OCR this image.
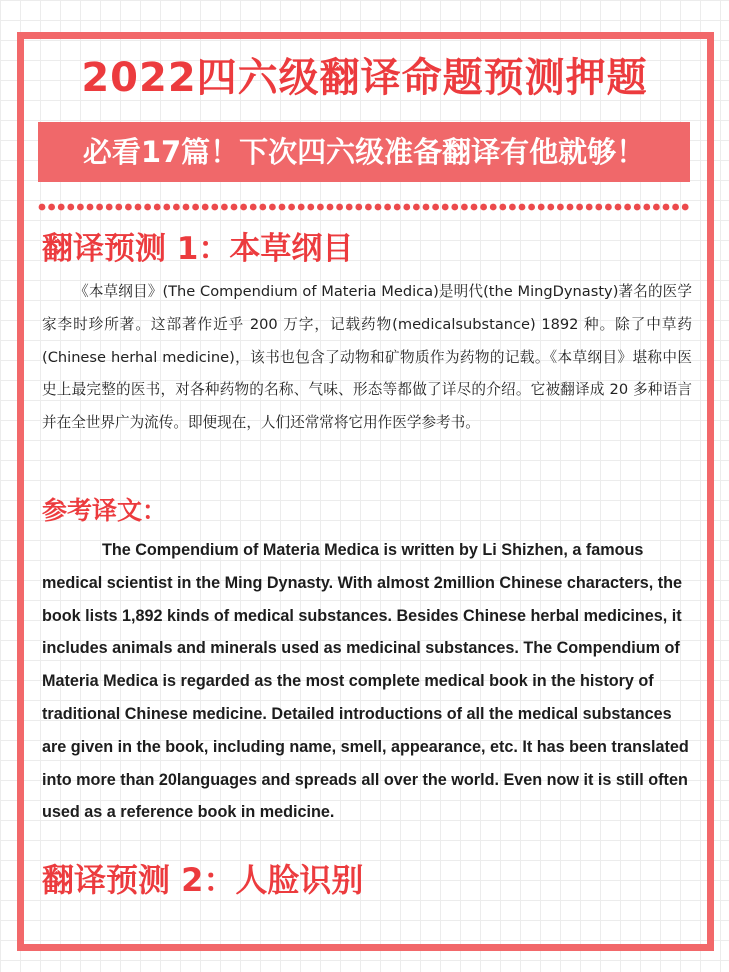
2022四六级翻译命题预测押题
必看17篇！下次四六级准备翻译有他就够！
翻译预测 1：本草纲目

《本草纲目》(The Compendium of Materia Medica)是明代(the MingDynasty)著名的医学家李时珍所著。这部著作近乎 200 万字，记载药物(medicalsubstance) 1892 种。除了中草药(Chinese herhal medicine)，该书也包含了动物和矿物质作为药物的记载。《本草纲目》堪称中医史上最完整的医书，对各种药物的名称、气味、形态等都做了详尽的介绍。它被翻译成 20 多种语言并在全世界广为流传。即便现在，人们还常常将它用作医学参考书。

参考译文：

The Compendium of Materia Medica is written by Li Shizhen, a famous medical scientist in the Ming Dynasty. With almost 2million Chinese characters, the book lists 1,892 kinds of medical substances. Besides Chinese herbal medicines, it includes animals and minerals used as medicinal substances. The Compendium of Materia Medica is regarded as the most complete medical book in the history of traditional Chinese medicine. Detailed introductions of all the medical substances are given in the book, including name, smell, appearance, etc. It has been translated into more than 20languages and spreads all over the world. Even now it is still often used as a reference book in medicine.

翻译预测 2：人脸识别
